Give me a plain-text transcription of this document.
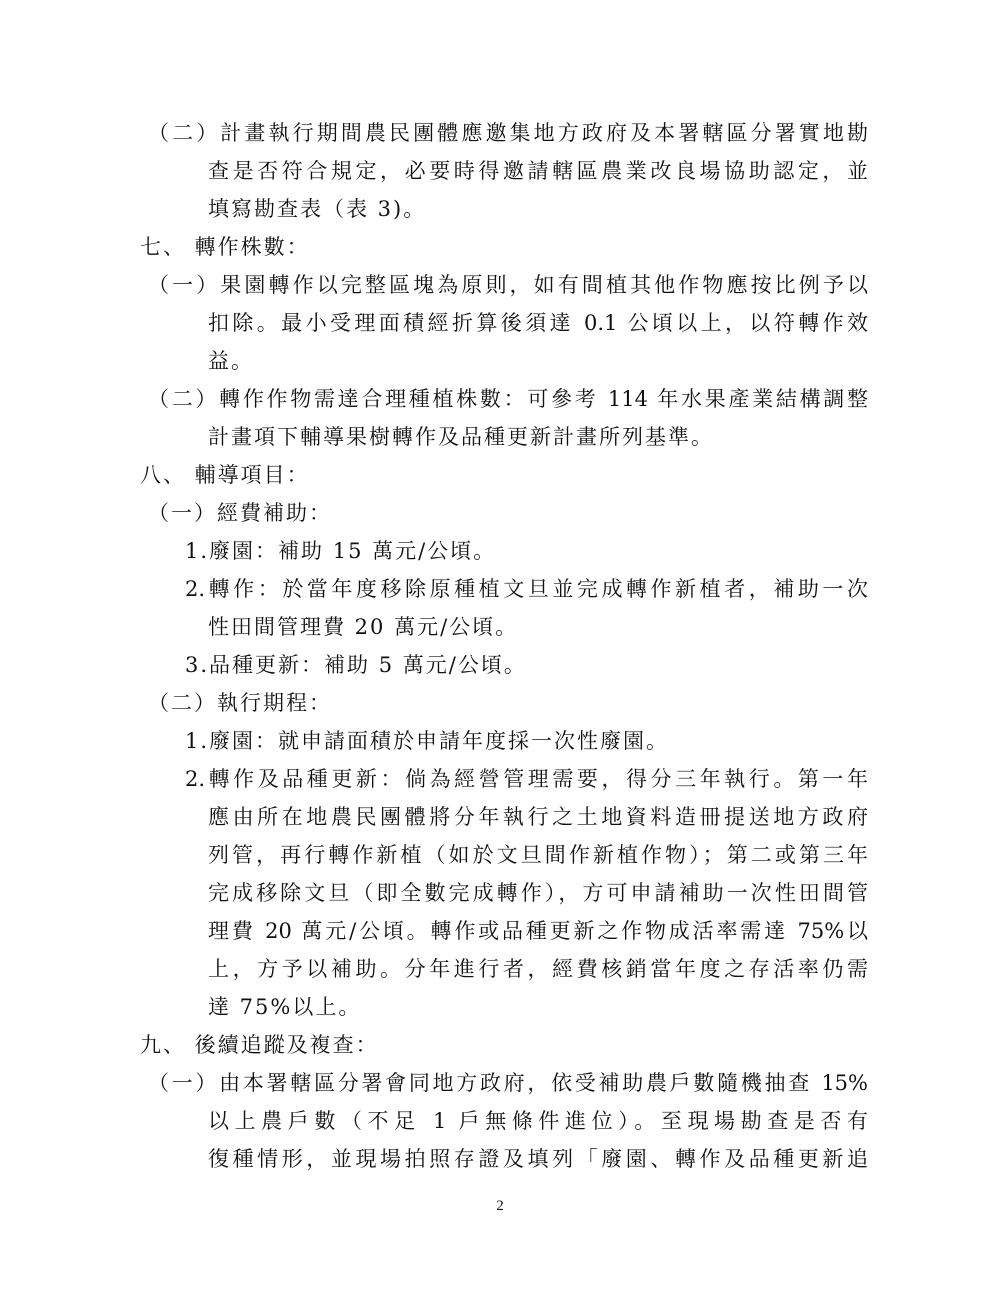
（二）計畫執行期間農民團體應邀集地方政府及本署轄區分署實地勘
查是否符合規定，必要時得邀請轄區農業改良場協助認定，並
填寫勘查表（表 3)。
七、 轉作株數：
（一）果園轉作以完整區塊為原則，如有間植其他作物應按比例予以
扣除。最小受理面積經折算後須達 0.1 公頃以上，以符轉作效
益。
（二）轉作作物需達合理種植株數：可參考 114 年水果產業結構調整
計畫項下輔導果樹轉作及品種更新計畫所列基準。
八、 輔導項目：
（一）經費補助：
1.廢園：補助 15 萬元/公頃。
2.轉作：於當年度移除原種植文旦並完成轉作新植者，補助一次
性田間管理費 20 萬元/公頃。
3.品種更新：補助 5 萬元/公頃。
（二）執行期程：
1.廢園：就申請面積於申請年度採一次性廢園。
2.轉作及品種更新：倘為經營管理需要，得分三年執行。第一年
應由所在地農民團體將分年執行之土地資料造冊提送地方政府
列管，再行轉作新植（如於文旦間作新植作物）；第二或第三年
完成移除文旦（即全數完成轉作），方可申請補助一次性田間管
理費 20 萬元/公頃。轉作或品種更新之作物成活率需達 75%以
上，方予以補助。分年進行者，經費核銷當年度之存活率仍需
達 75%以上。
九、 後續追蹤及複查：
（一）由本署轄區分署會同地方政府，依受補助農戶數隨機抽查 15%
以上農戶數（不足 1 戶無條件進位）。至現場勘查是否有
復種情形，並現場拍照存證及填列「廢園、轉作及品種更新追
2
